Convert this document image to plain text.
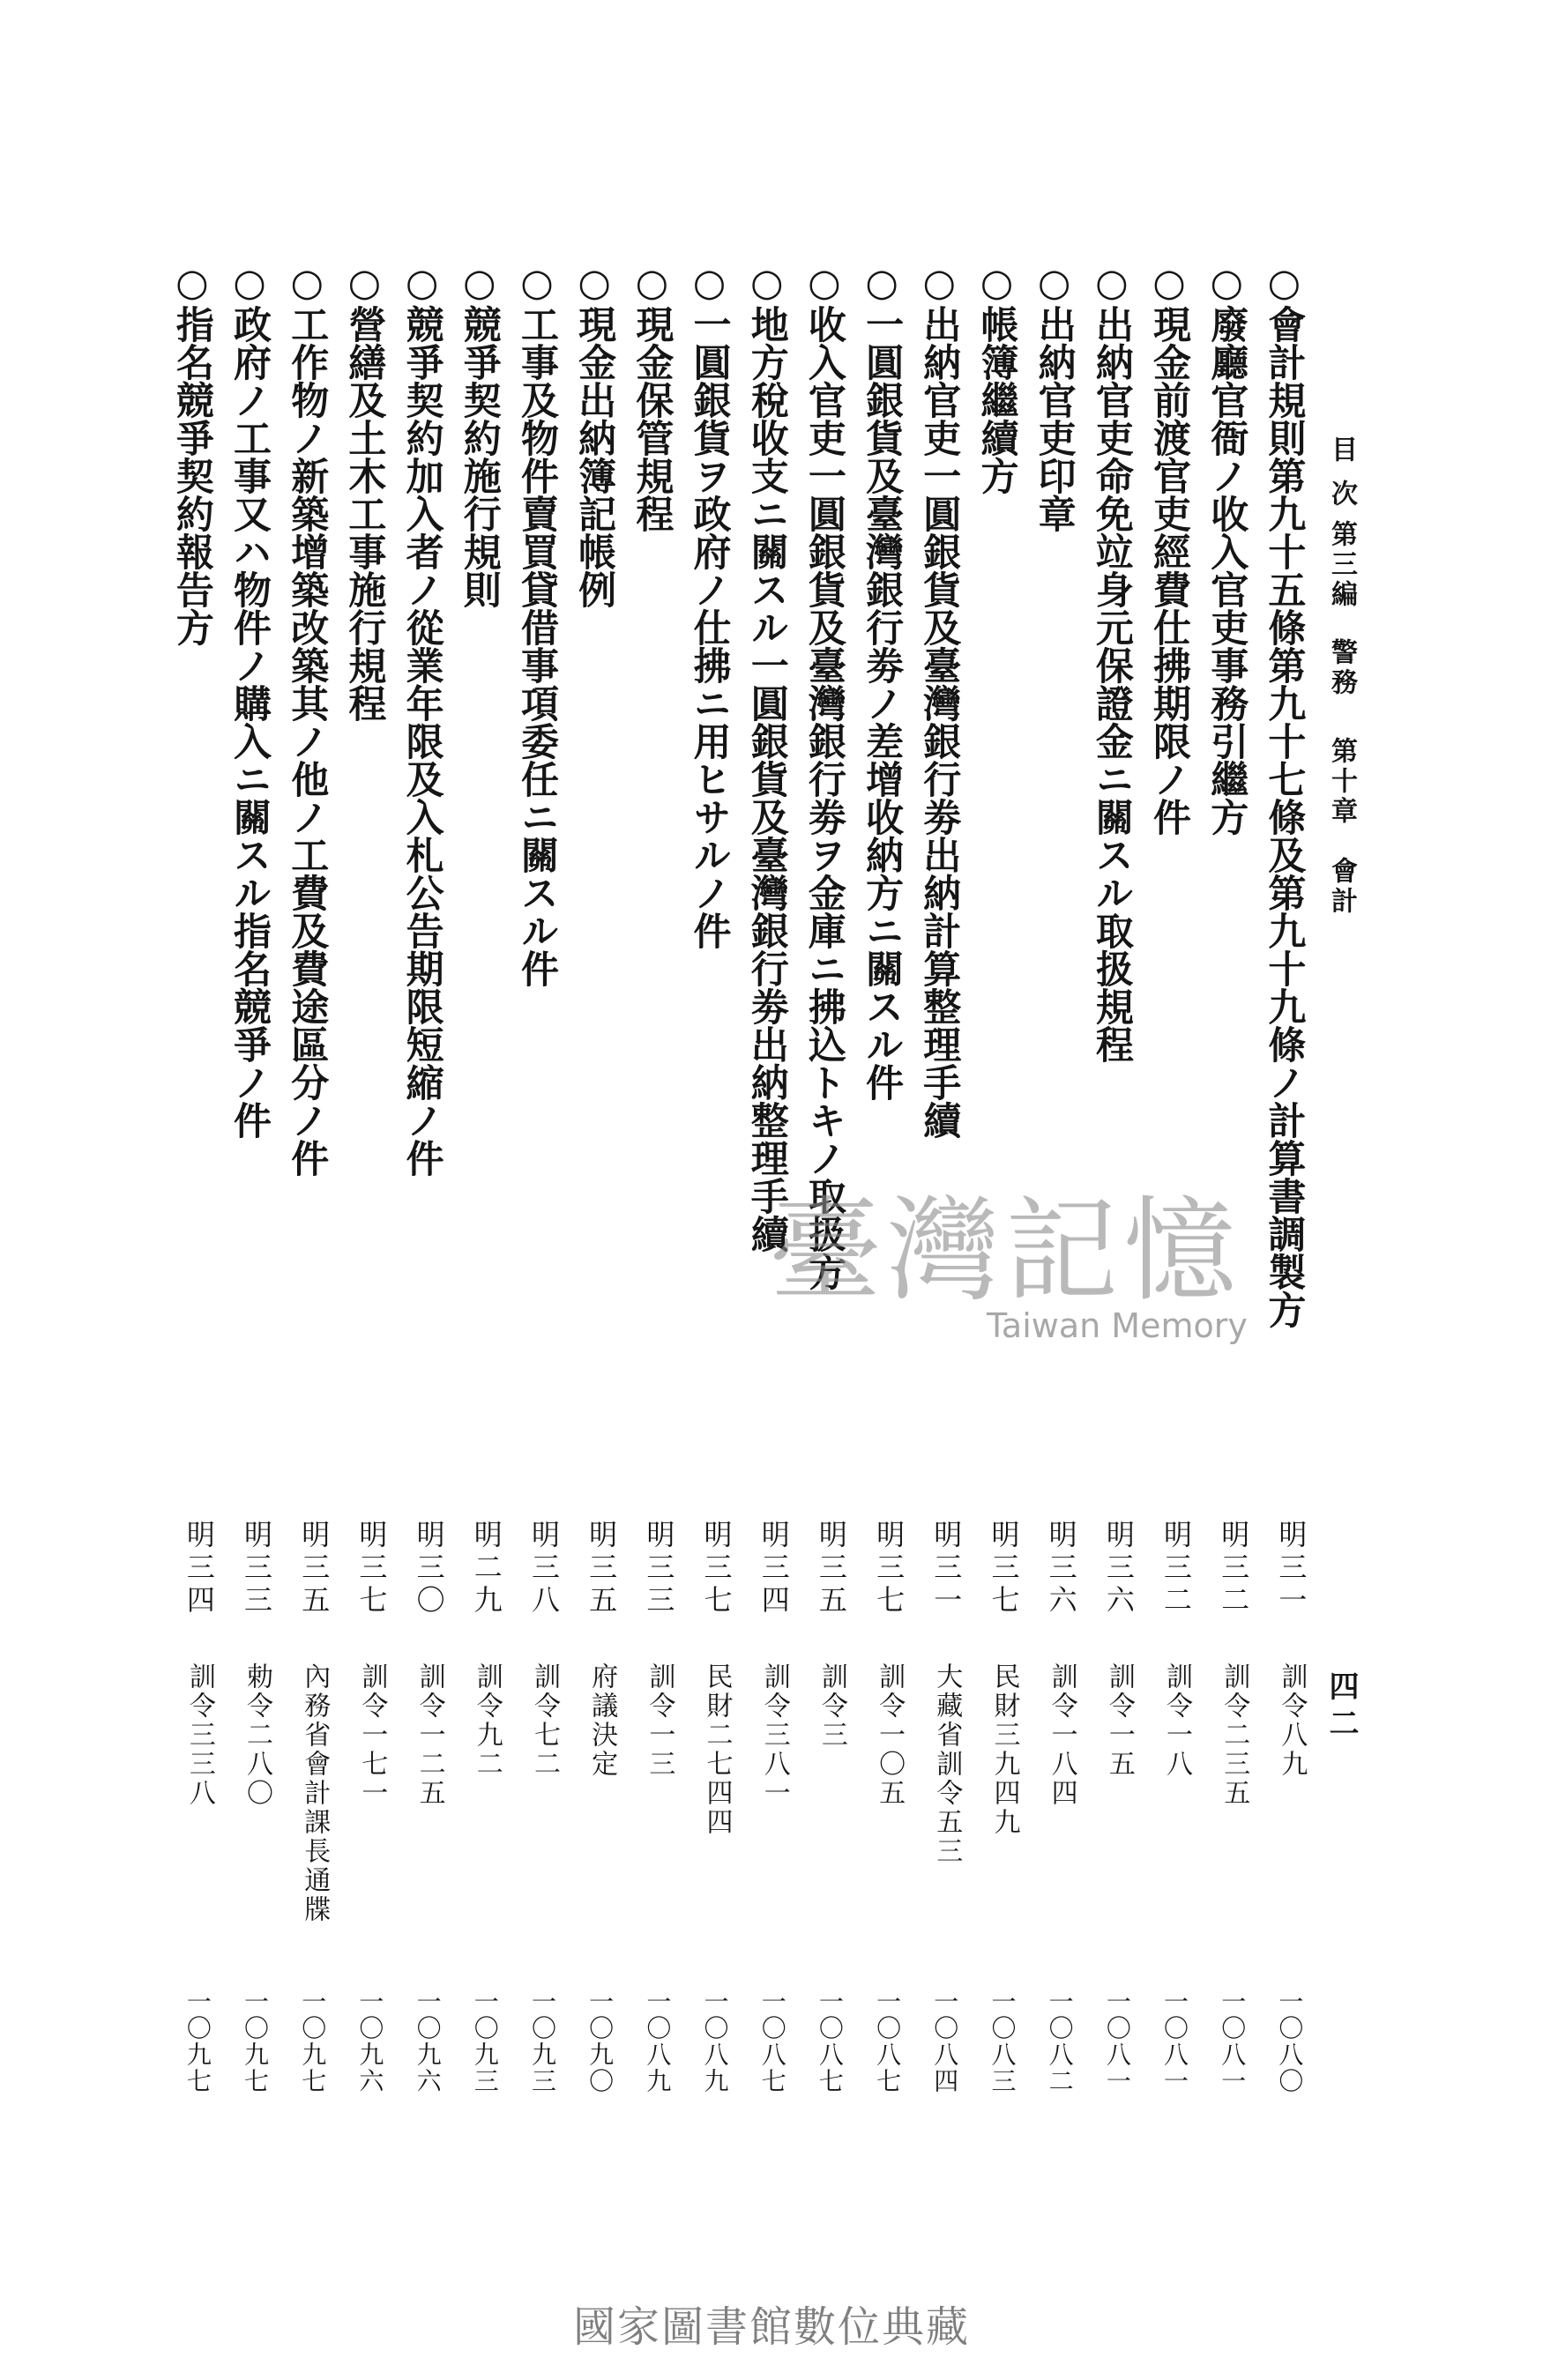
目次
第三編
警務
第十章
會計
四二
○會計規則第九十五條第九十七條及第九十九條ノ計算書調製方
明三一
訓令八九
一〇八〇
○廢廳官衙ノ收入官吏事務引繼方
明三二
訓令二三五
一〇八一
○現金前渡官吏經費仕拂期限ノ件
明三二
訓令一八
一〇八一
○出納官吏命免竝身元保證金ニ關スル取扱規程
明三六
訓令一五
一〇八一
○出納官吏印章
明三六
訓令一八四
一〇八二
○帳簿繼續方
明三七
民財三九四九
一〇八三
○出納官吏一圓銀貨及臺灣銀行劵出納計算整理手續
明三一
大藏省訓令五三
一〇八四
○一圓銀貨及臺灣銀行劵ノ差增收納方ニ關スル件
明三七
訓令一〇五
一〇八七
○收入官吏一圓銀貨及臺灣銀行劵ヲ金庫ニ拂込トキノ取扱方
明三五
訓令三
一〇八七
○地方稅收支ニ關スル一圓銀貨及臺灣銀行劵出納整理手續
明三四
訓令三八一
一〇八七
○一圓銀貨ヲ政府ノ仕拂ニ用ヒサルノ件
明三七
民財二七四四
一〇八九
○現金保管規程
明三三
訓令一三
一〇八九
○現金出納簿記帳例
明三五
府議決定
一〇九〇
○工事及物件賣買貸借事項委任ニ關スル件
明三八
訓令七二
一〇九三
○競爭契約施行規則
明二九
訓令九二
一〇九三
○競爭契約加入者ノ從業年限及入札公告期限短縮ノ件
明三〇
訓令一二五
一〇九六
○營繕及土木工事施行規程
明三七
訓令一七一
一〇九六
○工作物ノ新築增築改築其ノ他ノ工費及費途區分ノ件
明三五
內務省會計課長通牒
一〇九七
○政府ノ工事又ハ物件ノ購入ニ關スル指名競爭ノ件
明三三
勅令二八〇
一〇九七
○指名競爭契約報告方
明三四
訓令三三八
一〇九七
臺灣記憶
Taiwan Memory
國家圖書館數位典藏
